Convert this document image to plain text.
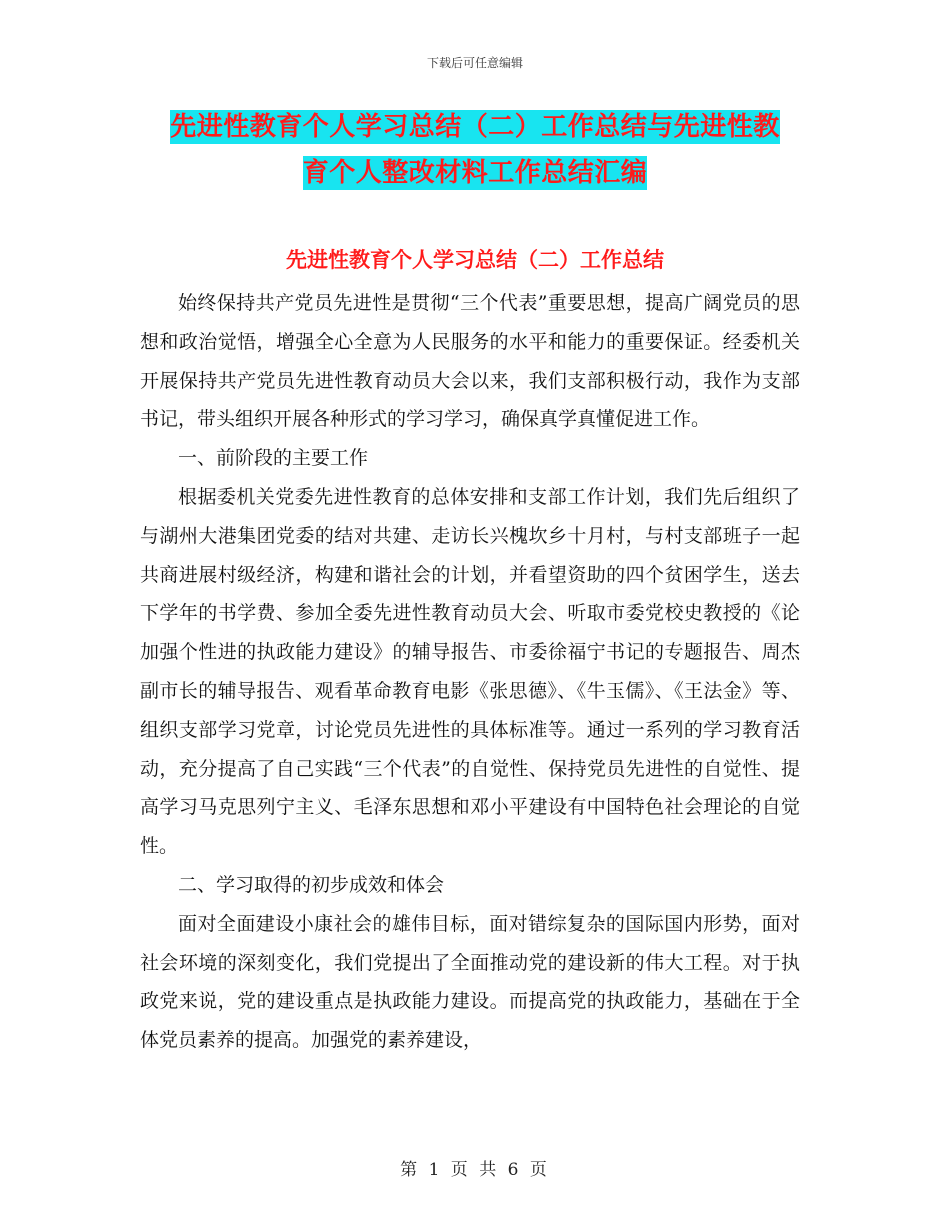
下载后可任意编辑
先进性教育个人学习总结（二）工作总结与先进性教
育个人整改材料工作总结汇编
先进性教育个人学习总结（二）工作总结

始终保持共产党员先进性是贯彻“三个代表”重要思想，提高广阔党员的思想和政治觉悟，增强全心全意为人民服务的水平和能力的重要保证。经委机关开展保持共产党员先进性教育动员大会以来，我们支部积极行动，我作为支部书记，带头组织开展各种形式的学习学习，确保真学真懂促进工作。

一、前阶段的主要工作

根据委机关党委先进性教育的总体安排和支部工作计划，我们先后组织了与湖州大港集团党委的结对共建、走访长兴槐坎乡十月村，与村支部班子一起共商进展村级经济，构建和谐社会的计划，并看望资助的四个贫困学生，送去下学年的书学费、参加全委先进性教育动员大会、听取市委党校史教授的《论加强个性进的执政能力建设》的辅导报告、市委徐福宁书记的专题报告、周杰副市长的辅导报告、观看革命教育电影《张思德》、《牛玉儒》、《王法金》等、组织支部学习党章，讨论党员先进性的具体标准等。通过一系列的学习教育活动，充分提高了自己实践“三个代表”的自觉性、保持党员先进性的自觉性、提高学习马克思列宁主义、毛泽东思想和邓小平建设有中国特色社会理论的自觉性。

二、学习取得的初步成效和体会

面对全面建设小康社会的雄伟目标，面对错综复杂的国际国内形势，面对社会环境的深刻变化，我们党提出了全面推动党的建设新的伟大工程。对于执政党来说，党的建设重点是执政能力建设。而提高党的执政能力，基础在于全体党员素养的提高。加强党的素养建设，

第 1 页 共 6 页
